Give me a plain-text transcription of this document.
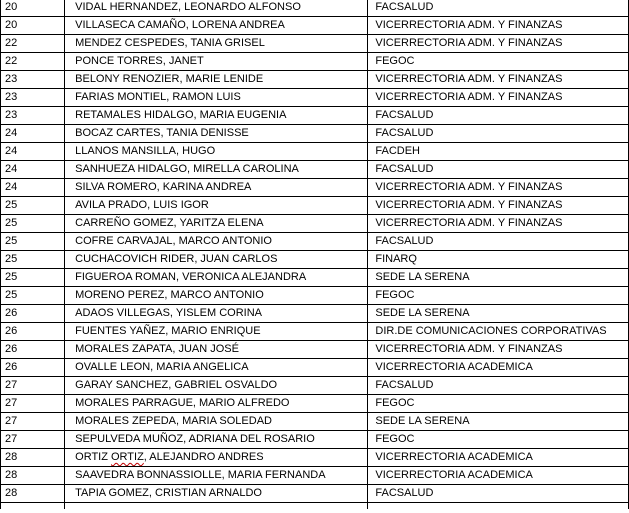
20	VIDAL HERNANDEZ, LEONARDO ALFONSO	FACSALUD
20	VILLASECA CAMAÑO, LORENA ANDREA	VICERRECTORIA ADM. Y FINANZAS
22	MENDEZ CESPEDES, TANIA GRISEL	VICERRECTORIA ADM. Y FINANZAS
22	PONCE TORRES, JANET	FEGOC
23	BELONY RENOZIER, MARIE LENIDE	VICERRECTORIA ADM. Y FINANZAS
23	FARIAS MONTIEL, RAMON LUIS	VICERRECTORIA ADM. Y FINANZAS
23	RETAMALES HIDALGO, MARIA EUGENIA	FACSALUD
24	BOCAZ CARTES, TANIA DENISSE	FACSALUD
24	LLANOS MANSILLA, HUGO	FACDEH
24	SANHUEZA HIDALGO, MIRELLA CAROLINA	FACSALUD
24	SILVA ROMERO, KARINA ANDREA	VICERRECTORIA ADM. Y FINANZAS
25	AVILA PRADO, LUIS IGOR	VICERRECTORIA ADM. Y FINANZAS
25	CARREÑO GOMEZ, YARITZA ELENA	VICERRECTORIA ADM. Y FINANZAS
25	COFRE CARVAJAL, MARCO ANTONIO	FACSALUD
25	CUCHACOVICH RIDER, JUAN CARLOS	FINARQ
25	FIGUEROA ROMAN, VERONICA ALEJANDRA	SEDE LA SERENA
25	MORENO PEREZ, MARCO ANTONIO	FEGOC
26	ADAOS VILLEGAS, YISLEM CORINA	SEDE LA SERENA
26	FUENTES YAÑEZ, MARIO ENRIQUE	DIR.DE COMUNICACIONES CORPORATIVAS
26	MORALES ZAPATA, JUAN JOSÉ	VICERRECTORIA ADM. Y FINANZAS
26	OVALLE LEON, MARIA ANGELICA	VICERRECTORIA ACADEMICA
27	GARAY SANCHEZ, GABRIEL OSVALDO	FACSALUD
27	MORALES PARRAGUE, MARIO ALFREDO	FEGOC
27	MORALES ZEPEDA, MARIA SOLEDAD	SEDE LA SERENA
27	SEPULVEDA MUÑOZ, ADRIANA DEL ROSARIO	FEGOC
28	ORTIZ ORTIZ, ALEJANDRO ANDRES	VICERRECTORIA ACADEMICA
28	SAAVEDRA BONNASSIOLLE, MARIA FERNANDA	VICERRECTORIA ACADEMICA
28	TAPIA GOMEZ, CRISTIAN ARNALDO	FACSALUD
